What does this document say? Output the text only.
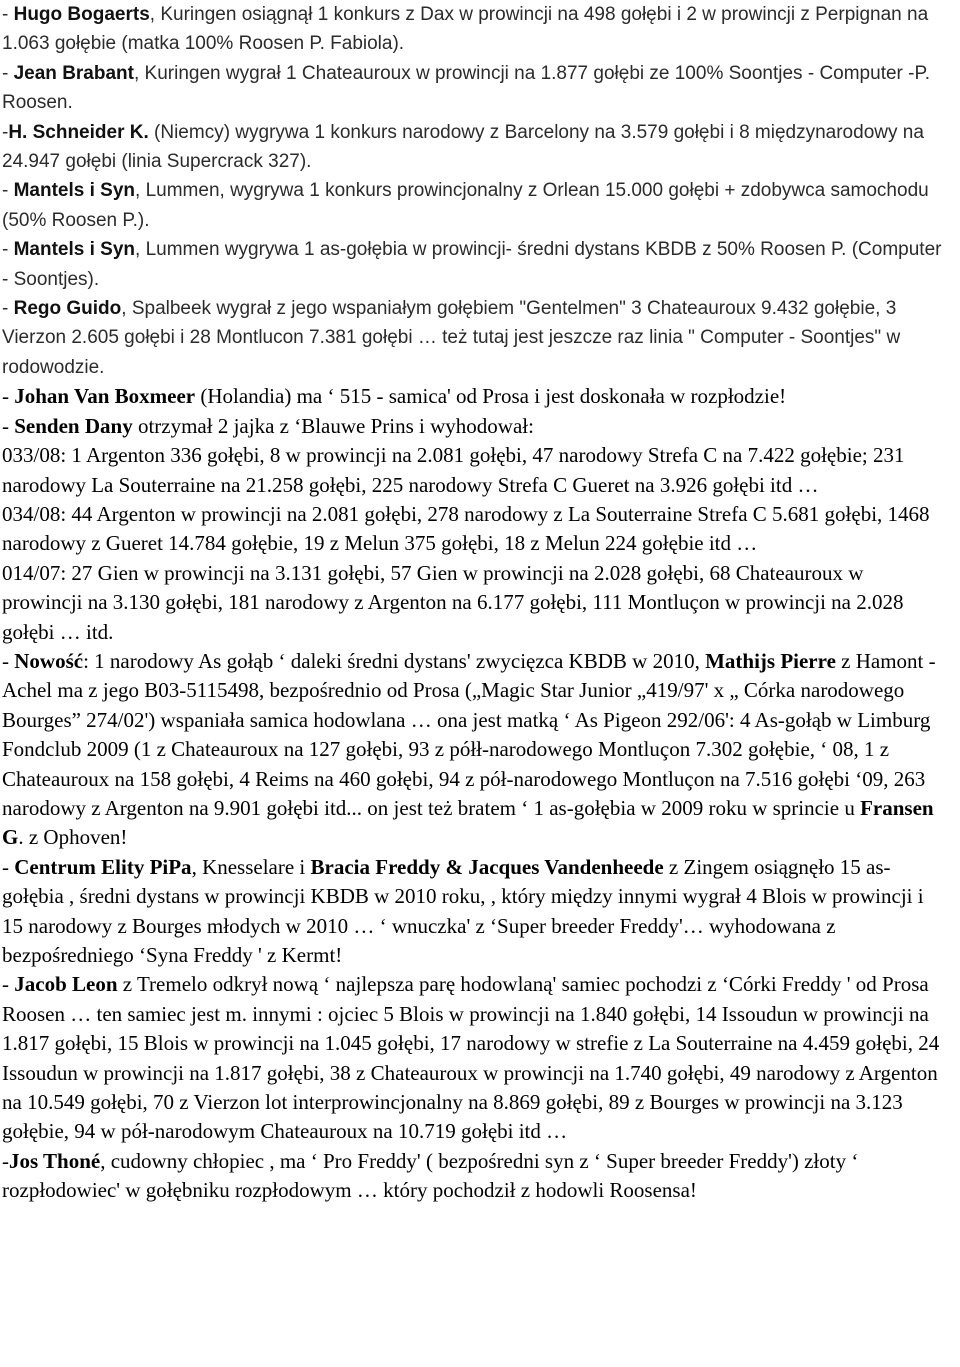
- Hugo Bogaerts, Kuringen osiągnął 1 konkurs z Dax w prowincji na 498 gołębi i 2 w prowincji z Perpignan na 1.063 gołębie (matka 100% Roosen P. Fabiola).

- Jean Brabant, Kuringen wygrał 1 Chateauroux w prowincji na 1.877 gołębi ze 100% Soontjes - Computer -P. Roosen.

-H. Schneider K. (Niemcy) wygrywa 1 konkurs narodowy z Barcelony na 3.579 gołębi i 8 międzynarodowy na 24.947 gołębi (linia Supercrack 327).

- Mantels i Syn, Lummen, wygrywa 1 konkurs prowincjonalny z Orlean 15.000 gołębi + zdobywca samochodu (50% Roosen P.).

- Mantels i Syn, Lummen wygrywa 1 as-gołębia w prowincji- średni dystans KBDB z 50% Roosen P. (Computer - Soontjes).

- Rego Guido, Spalbeek wygrał z jego wspaniałym gołębiem "Gentelmen" 3 Chateauroux 9.432 gołębie, 3 Vierzon 2.605 gołębi i 28 Montlucon 7.381 gołębi … też tutaj jest jeszcze raz linia " Computer - Soontjes" w rodowodzie.

- Johan Van Boxmeer (Holandia) ma ‘ 515 - samica' od Prosa i jest doskonała w rozpłodzie!

- Senden Dany otrzymał 2 jajka z ‘Blauwe Prins i wyhodował:

033/08: 1 Argenton 336 gołębi, 8 w prowincji na 2.081 gołębi, 47 narodowy Strefa C na 7.422 gołębie; 231 narodowy La Souterraine na 21.258 gołębi, 225 narodowy Strefa C Gueret na 3.926 gołębi itd …

034/08: 44 Argenton w prowincji na 2.081 gołębi, 278 narodowy z La Souterraine Strefa C 5.681 gołębi, 1468 narodowy z Gueret 14.784 gołębie, 19 z Melun 375 gołębi, 18 z Melun 224 gołębie itd …

014/07: 27 Gien w prowincji na 3.131 gołębi, 57 Gien w prowincji na 2.028 gołębi, 68 Chateauroux w prowincji na 3.130 gołębi, 181 narodowy z Argenton na 6.177 gołębi, 111 Montluçon w prowincji na 2.028 gołębi … itd.

- Nowość: 1 narodowy As gołąb ‘ daleki średni dystans' zwycięzca KBDB w 2010, Mathijs Pierre z Hamont - Achel ma z jego B03-5115498, bezpośrednio od Prosa („Magic Star Junior „419/97' x „ Córka narodowego Bourges” 274/02') wspaniała samica hodowlana … ona jest matką ‘ As Pigeon 292/06': 4 As-gołąb w Limburg Fondclub 2009 (1 z Chateauroux na 127 gołębi, 93 z półł-narodowego Montluçon 7.302 gołębie, ‘ 08, 1 z Chateauroux na 158 gołębi, 4 Reims na 460 gołębi, 94 z pół-narodowego Montluçon na 7.516 gołębi ‘09, 263 narodowy z Argenton na 9.901 gołębi itd... on jest też bratem ‘ 1 as-gołębia w 2009 roku w sprincie u Fransen G. z Ophoven!

- Centrum Elity PiPa, Knesselare i Bracia Freddy & Jacques Vandenheede z Zingem osiągnęło 15 as-gołębia , średni dystans w prowincji KBDB w 2010 roku, , który między innymi wygrał 4 Blois w prowincji i 15 narodowy z Bourges młodych w 2010 … ‘ wnuczka' z ‘Super breeder Freddy'… wyhodowana z bezpośredniego ‘Syna Freddy ' z Kermt!

- Jacob Leon z Tremelo odkrył nową ‘ najlepsza parę hodowlaną' samiec pochodzi z ‘Córki Freddy ' od Prosa Roosen … ten samiec jest m. innymi : ojciec 5 Blois w prowincji na 1.840 gołębi, 14 Issoudun w prowincji na 1.817 gołębi, 15 Blois w prowincji na 1.045 gołębi, 17 narodowy w strefie z La Souterraine na 4.459 gołębi, 24 Issoudun w prowincji na 1.817 gołębi, 38 z Chateauroux w prowincji na 1.740 gołębi, 49 narodowy z Argenton na 10.549 gołębi, 70 z Vierzon lot interprowincjonalny na 8.869 gołębi, 89 z Bourges w prowincji na 3.123 gołębie, 94 w pół-narodowym Chateauroux na 10.719 gołębi itd …

-Jos Thoné, cudowny chłopiec , ma ‘ Pro Freddy' ( bezpośredni syn z ‘ Super breeder Freddy') złoty ‘ rozpłodowiec' w gołębniku rozpłodowym … który pochodził z hodowli Roosensa!
